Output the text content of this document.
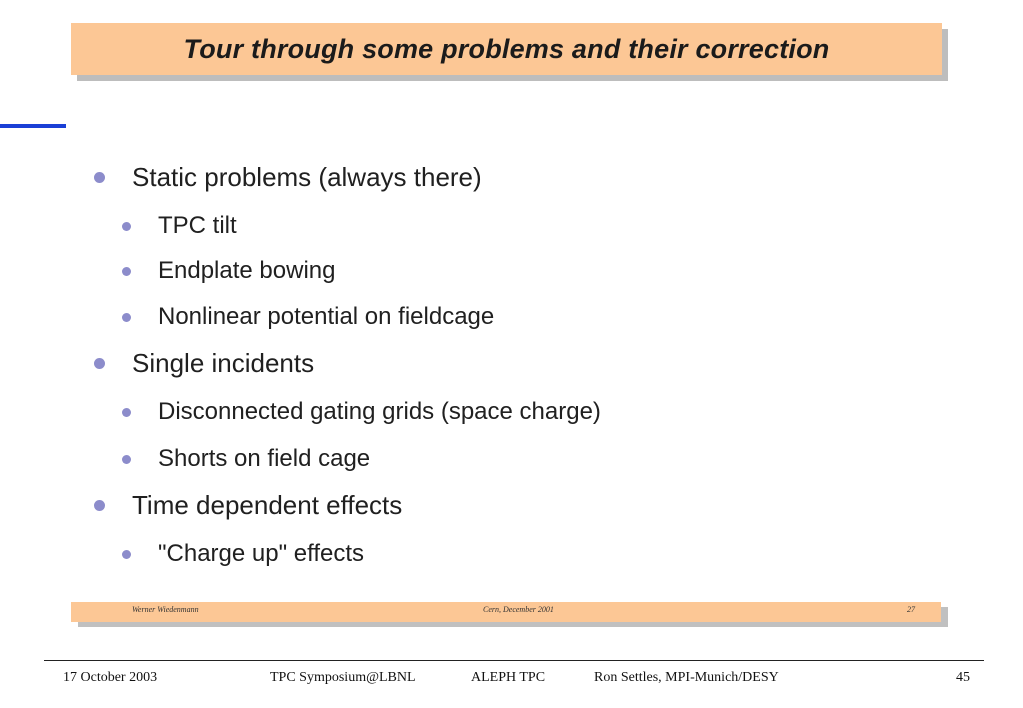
Tour through some problems and their correction
Static problems (always there)
TPC tilt
Endplate bowing
Nonlinear potential on fieldcage
Single incidents
Disconnected gating grids (space charge)
Shorts on field cage
Time dependent effects
"Charge up" effects
Werner Wiedenmann	Cern, December 2001	27
17 October 2003	TPC Symposium@LBNL	ALEPH TPC	Ron Settles, MPI-Munich/DESY	45
